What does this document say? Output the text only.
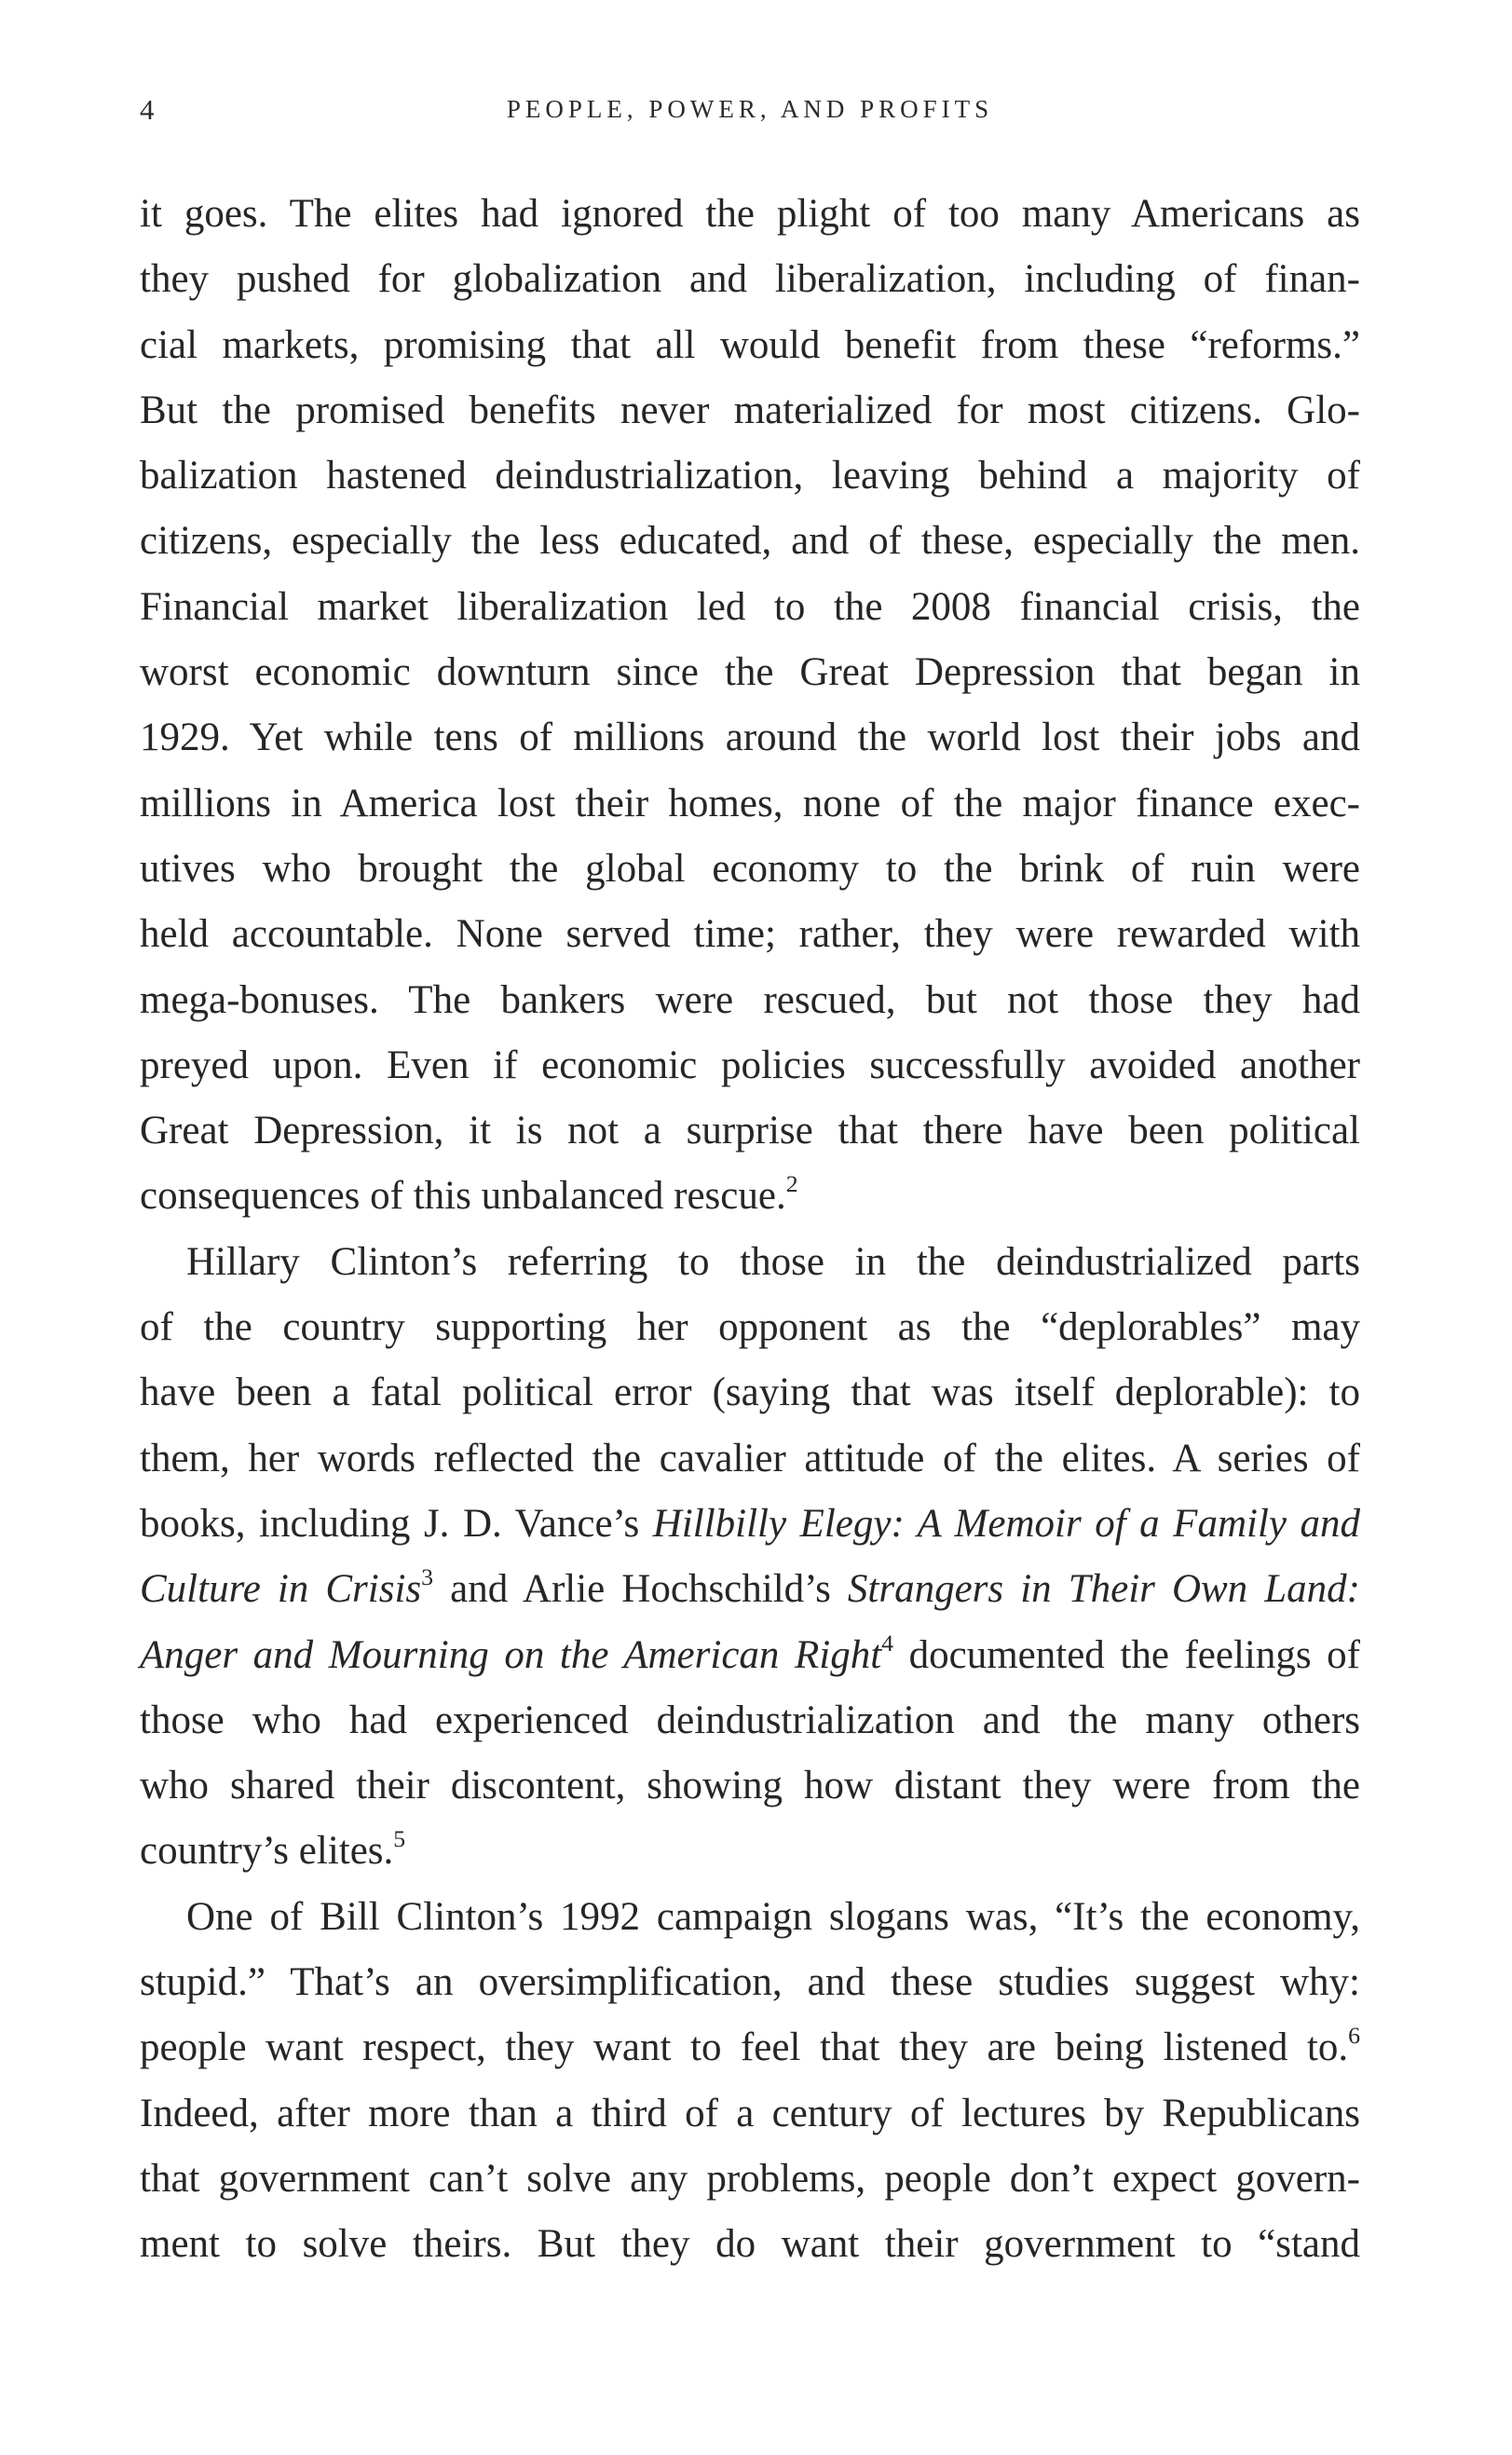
4	PEOPLE, POWER, AND PROFITS
it goes. The elites had ignored the plight of too many Americans as
they pushed for globalization and liberalization, including of finan-
cial markets, promising that all would benefit from these “reforms.”
But the promised benefits never materialized for most citizens. Glo-
balization hastened deindustrialization, leaving behind a majority of
citizens, especially the less educated, and of these, especially the men.
Financial market liberalization led to the 2008 financial crisis, the
worst economic downturn since the Great Depression that began in
1929. Yet while tens of millions around the world lost their jobs and
millions in America lost their homes, none of the major finance exec-
utives who brought the global economy to the brink of ruin were
held accountable. None served time; rather, they were rewarded with
mega-bonuses. The bankers were rescued, but not those they had
preyed upon. Even if economic policies successfully avoided another
Great Depression, it is not a surprise that there have been political
consequences of this unbalanced rescue.$^2$
Hillary Clinton’s referring to those in the deindustrialized parts
of the country supporting her opponent as the “deplorables” may
have been a fatal political error (saying that was itself deplorable): to
them, her words reflected the cavalier attitude of the elites. A series of
books, including J. D. Vance’s Hillbilly Elegy: A Memoir of a Family and
Culture in Crisis$^3$ and Arlie Hochschild’s Strangers in Their Own Land:
Anger and Mourning on the American Right$^4$ documented the feelings of
those who had experienced deindustrialization and the many others
who shared their discontent, showing how distant they were from the
country’s elites.$^5$
One of Bill Clinton’s 1992 campaign slogans was, “It’s the economy,
stupid.” That’s an oversimplification, and these studies suggest why:
people want respect, they want to feel that they are being listened to.$^6$
Indeed, after more than a third of a century of lectures by Republicans
that government can’t solve any problems, people don’t expect govern-
ment to solve theirs. But they do want their government to “stand
